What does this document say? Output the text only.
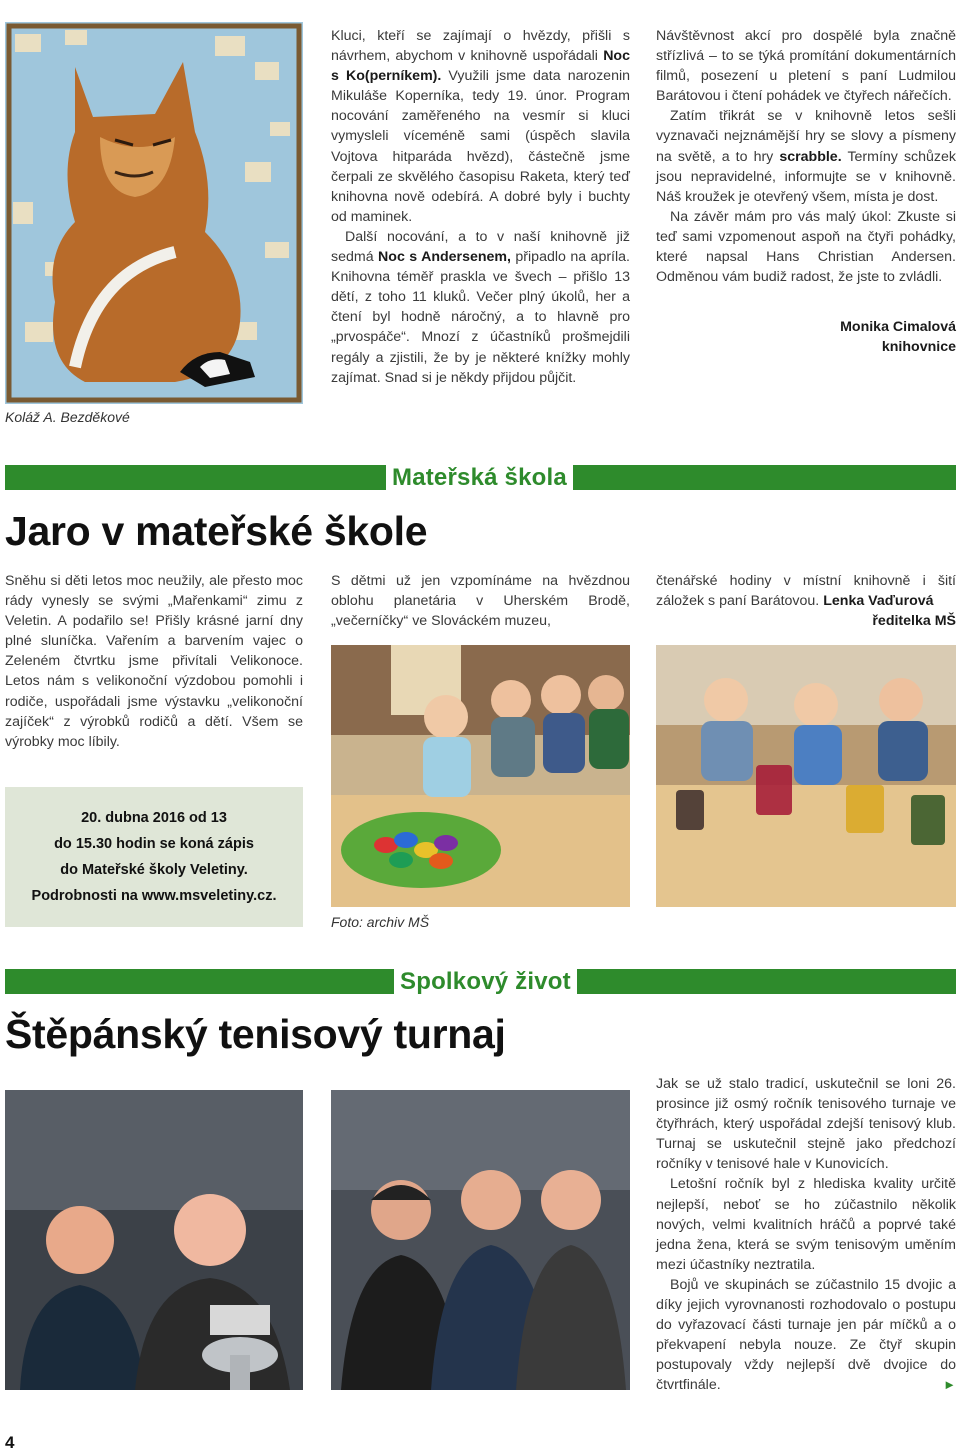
Koláž A. Bezděkové

Kluci, kteří se zajímají o hvězdy, přišli s návrhem, abychom v knihovně uspořádali Noc s Ko(perníkem). Využili jsme data narozenin Mikuláše Koperníka, tedy 19. únor. Program nocování zaměřeného na vesmír si kluci vymysleli víceméně sami (úspěch slavila Vojtova hitparáda hvězd), částečně jsme čerpali ze skvělého časopisu Raketa, který teď knihovna nově odebírá. A dobré byly i buchty od maminek.

Další nocování, a to v naší knihovně již sedmá Noc s Andersenem, připadlo na apríla. Knihovna téměř praskla ve švech – přišlo 13 dětí, z toho 11 kluků. Večer plný úkolů, her a čtení byl hodně náročný, a to hlavně pro „prvospáče“. Mnozí z účastníků prošmejdili regály a zjistili, že by je některé knížky mohly zajímat. Snad si je někdy přijdou půjčit.

Návštěvnost akcí pro dospělé byla značně střízlivá – to se týká promítání dokumentárních filmů, posezení u pletení s paní Ludmilou Barátovou i čtení pohádek ve čtyřech nářečích.

Zatím třikrát se v knihovně letos sešli vyznavači nejznámější hry se slovy a písmeny na světě, a to hry scrabble. Termíny schůzek jsou nepravidelné, informujte se v knihovně. Náš kroužek je otevřený všem, místa je dost.

Na závěr mám pro vás malý úkol: Zkuste si teď sami vzpomenout aspoň na čtyři pohádky, které napsal Hans Christian Andersen. Odměnou vám budiž radost, že jste to zvládli.

Monika Cimalová
knihovnice
Mateřská škola
Jaro v mateřské škole
Sněhu si děti letos moc neužily, ale přesto moc rády vynesly se svými „Mařenkami“ zimu z Veletin. A podařilo se! Přišly krásné jarní dny plné sluníčka. Vařením a barvením vajec o Zeleném čtvrtku jsme přivítali Velikonoce. Letos nám s velikonoční výzdobou pomohli i rodiče, uspořádali jsme výstavku „velikonoční zajíček“ z výrobků rodičů a dětí. Všem se výrobky moc líbily.
S dětmi už jen vzpomínáme na hvězdnou oblohu planetária v Uherském Brodě, „večerníčky“ ve Slováckém muzeu,
čtenářské hodiny v místní knihovně i šití záložek s paní Barátovou. Lenka Vaďurová
ředitelka MŠ
20. dubna 2016 od 13
do 15.30 hodin se koná zápis
do Mateřské školy Veletiny.
Podrobnosti na www.msveletiny.cz.
Foto: archiv MŠ
Spolkový život
Štěpánský tenisový turnaj

Jak se už stalo tradicí, uskutečnil se loni 26. prosince již osmý ročník tenisového turnaje ve čtyřhrách, který uspořádal zdejší tenisový klub. Turnaj se uskutečnil stejně jako předchozí ročníky v tenisové hale v Kunovicích.

Letošní ročník byl z hlediska kvality určitě nejlepší, neboť se ho zúčastnilo několik nových, velmi kvalitních hráčů a poprvé také jedna žena, která se svým tenisovým uměním mezi účastníky neztratila.

Bojů ve skupinách se zúčastnilo 15 dvojic a díky jejich vyrovnanosti rozhodovalo o postupu do vyřazovací části turnaje jen pár míčků a o překvapení nebyla nouze. Ze čtyř skupin postupovaly vždy nejlepší dvě dvojice do čtvrtfinále.	►

4
